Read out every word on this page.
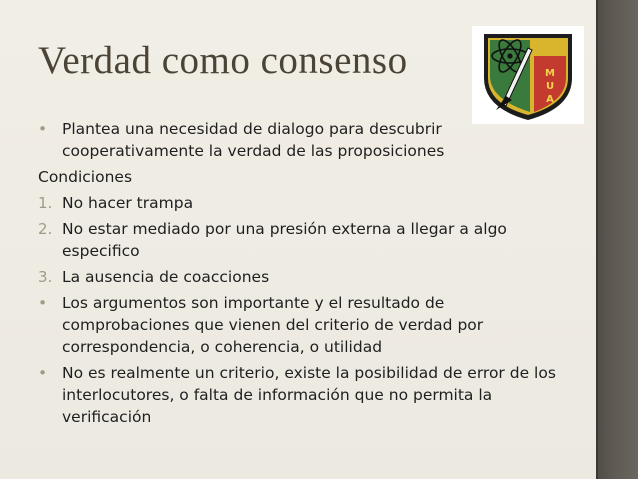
Verdad como consenso	M
U
A
• Plantea una necesidad de dialogo para descubrir cooperativamente la verdad de las proposiciones
Condiciones
1. No hacer trampa
2. No estar mediado por una presión externa a llegar a algo especifico
3. La ausencia de coacciones
• Los argumentos son importante y el resultado de comprobaciones que vienen del criterio de verdad por correspondencia, o coherencia, o utilidad
• No es realmente un criterio, existe la posibilidad de error de los interlocutores, o falta de información que no permita la verificación
